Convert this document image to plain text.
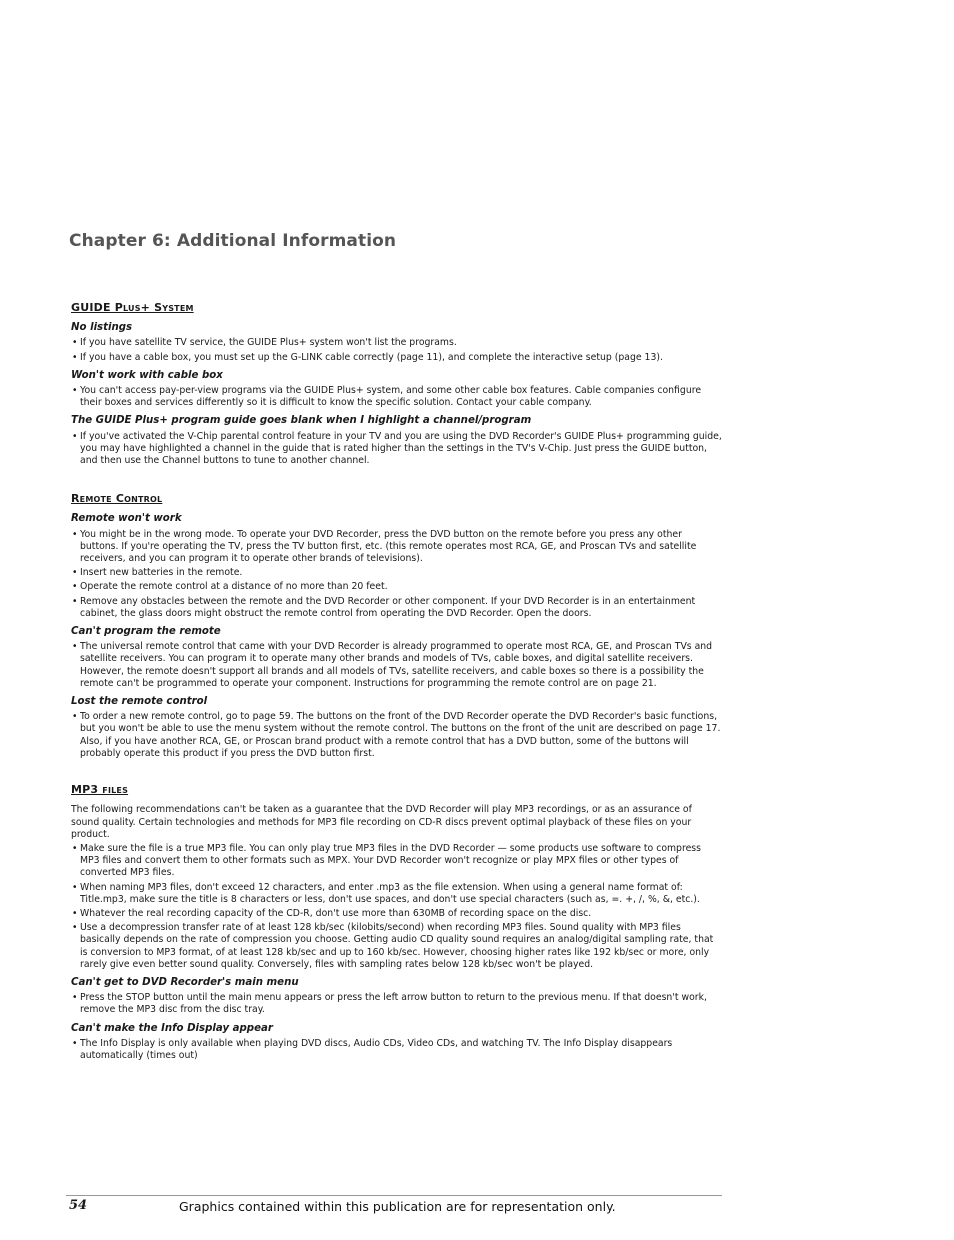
Chapter 6: Additional Information
GUIDE Plus+ System
No listings
• If you have satellite TV service, the GUIDE Plus+ system won't list the programs.
• If you have a cable box, you must set up the G-LINK cable correctly (page 11), and complete the interactive setup (page 13).
Won't work with cable box
• You can't access pay-per-view programs via the GUIDE Plus+ system, and some other cable box features. Cable companies configure their boxes and services differently so it is difficult to know the specific solution. Contact your cable company.
The GUIDE Plus+ program guide goes blank when I highlight a channel/program
• If you've activated the V-Chip parental control feature in your TV and you are using the DVD Recorder's GUIDE Plus+ programming guide, you may have highlighted a channel in the guide that is rated higher than the settings in the TV's V-Chip. Just press the GUIDE button, and then use the Channel buttons to tune to another channel.
Remote Control
Remote won't work
• You might be in the wrong mode. To operate your DVD Recorder, press the DVD button on the remote before you press any other buttons. If you're operating the TV, press the TV button first, etc. (this remote operates most RCA, GE, and Proscan TVs and satellite receivers, and you can program it to operate other brands of televisions).
• Insert new batteries in the remote.
• Operate the remote control at a distance of no more than 20 feet.
• Remove any obstacles between the remote and the DVD Recorder or other component. If your DVD Recorder is in an entertainment cabinet, the glass doors might obstruct the remote control from operating the DVD Recorder. Open the doors.
Can't program the remote
• The universal remote control that came with your DVD Recorder is already programmed to operate most RCA, GE, and Proscan TVs and satellite receivers. You can program it to operate many other brands and models of TVs, cable boxes, and digital satellite receivers. However, the remote doesn't support all brands and all models of TVs, satellite receivers, and cable boxes so there is a possibility the remote can't be programmed to operate your component. Instructions for programming the remote control are on page 21.
Lost the remote control
• To order a new remote control, go to page 59. The buttons on the front of the DVD Recorder operate the DVD Recorder's basic functions, but you won't be able to use the menu system without the remote control. The buttons on the front of the unit are described on page 17. Also, if you have another RCA, GE, or Proscan brand product with a remote control that has a DVD button, some of the buttons will probably operate this product if you press the DVD button first.
MP3 files

The following recommendations can't be taken as a guarantee that the DVD Recorder will play MP3 recordings, or as an assurance of sound quality. Certain technologies and methods for MP3 file recording on CD-R discs prevent optimal playback of these files on your product.

• Make sure the file is a true MP3 file. You can only play true MP3 files in the DVD Recorder — some products use software to compress MP3 files and convert them to other formats such as MPX. Your DVD Recorder won't recognize or play MPX files or other types of converted MP3 files.
• When naming MP3 files, don't exceed 12 characters, and enter .mp3 as the file extension. When using a general name format of: Title.mp3, make sure the title is 8 characters or less, don't use spaces, and don't use special characters (such as, =. +, /, %, &, etc.).
• Whatever the real recording capacity of the CD-R, don't use more than 630MB of recording space on the disc.
• Use a decompression transfer rate of at least 128 kb/sec (kilobits/second) when recording MP3 files. Sound quality with MP3 files basically depends on the rate of compression you choose. Getting audio CD quality sound requires an analog/digital sampling rate, that is conversion to MP3 format, of at least 128 kb/sec and up to 160 kb/sec. However, choosing higher rates like 192 kb/sec or more, only rarely give even better sound quality. Conversely, files with sampling rates below 128 kb/sec won't be played.
Can't get to DVD Recorder's main menu
• Press the STOP button until the main menu appears or press the left arrow button to return to the previous menu. If that doesn't work, remove the MP3 disc from the disc tray.
Can't make the Info Display appear
• The Info Display is only available when playing DVD discs, Audio CDs, Video CDs, and watching TV. The Info Display disappears automatically (times out)
54	Graphics contained within this publication are for representation only.
